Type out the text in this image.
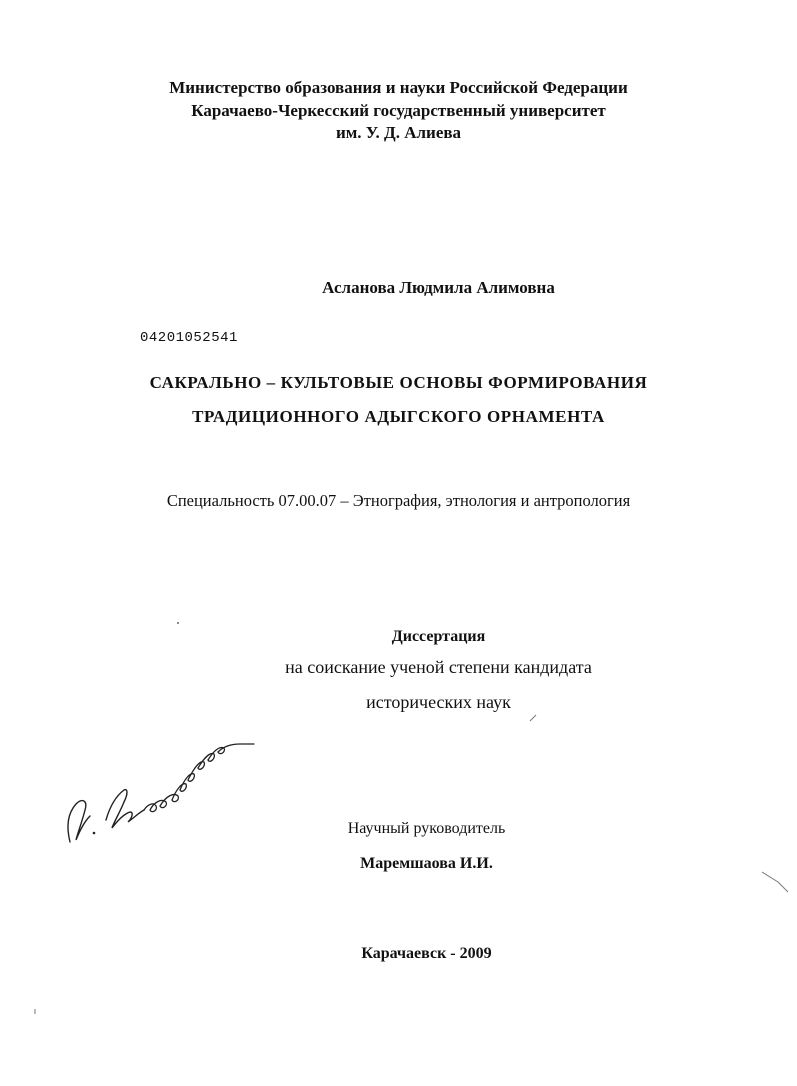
Министерство образования и науки Российской Федерации
Карачаево-Черкесский государственный университет
им. У. Д. Алиева
Асланова Людмила Алимовна
04201052541
САКРАЛЬНО – КУЛЬТОВЫЕ ОСНОВЫ ФОРМИРОВАНИЯ
ТРАДИЦИОННОГО АДЫГСКОГО ОРНАМЕНТА
Специальность 07.00.07 – Этнография, этнология и антропология
Диссертация
на соискание ученой степени кандидата
исторических наук
Научный руководитель
Маремшаова И.И.
Карачаевск - 2009
